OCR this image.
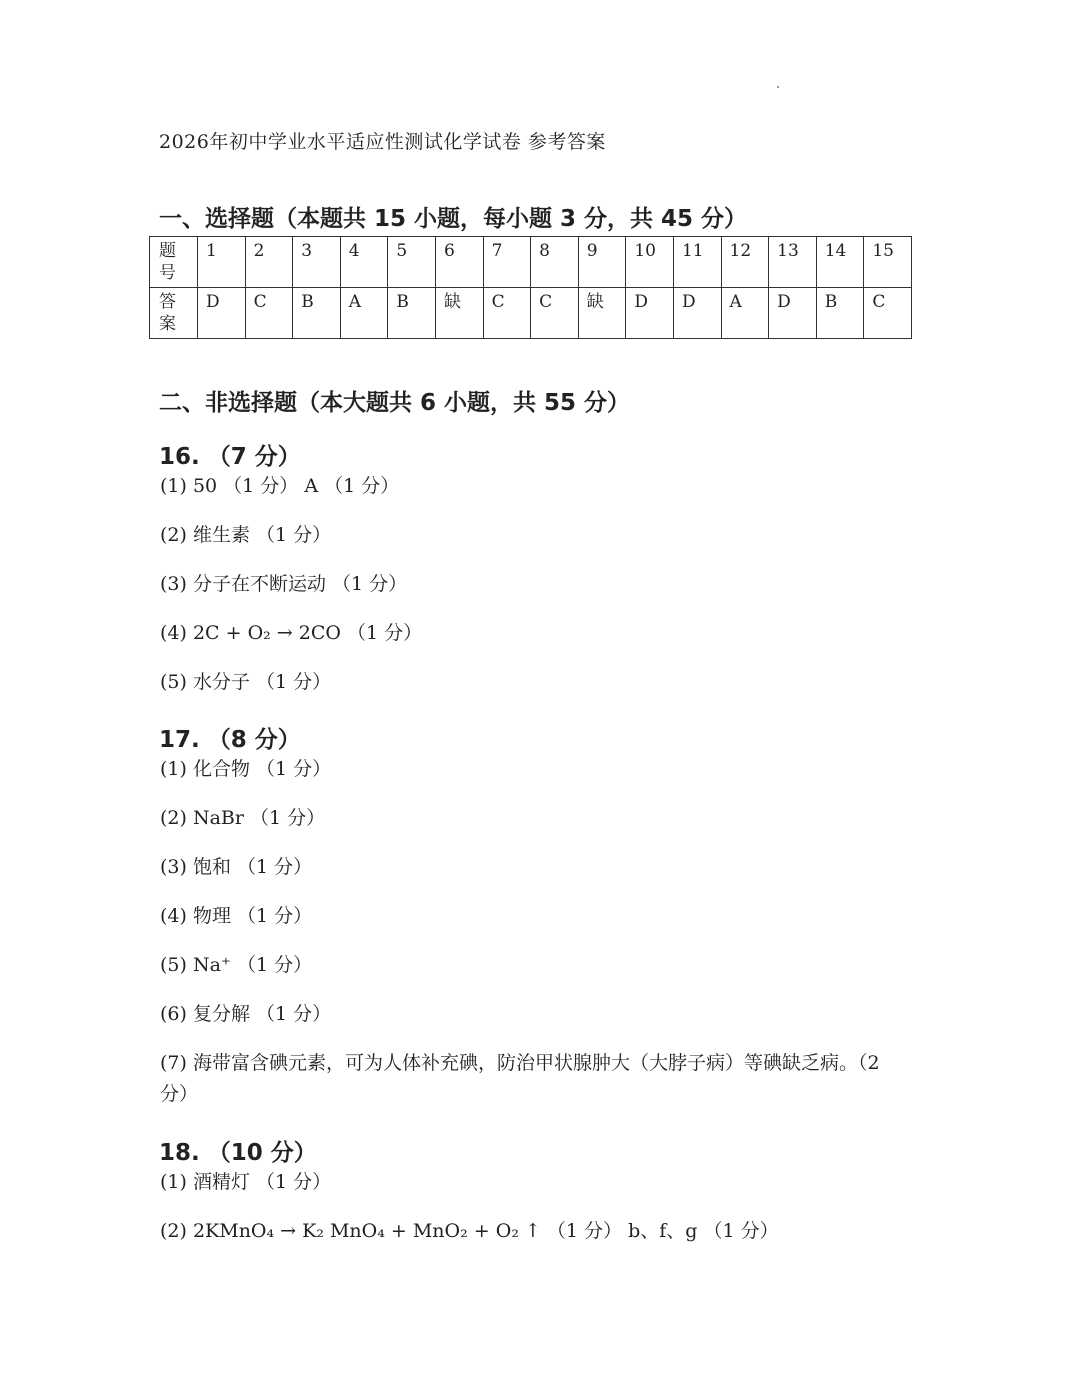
2026年初中学业水平适应性测试化学试卷 参考答案
一、选择题（本题共 15 小题，每小题 3 分，共 45 分）
题号	1	2	3	4	5	6	7	8	9	10	11	12	13	14	15

答案	D	C	B	A	B	缺	C	C	缺	D	D	A	D	B	C
二、非选择题（本大题共 6 小题，共 55 分）
16. （7 分）
(1) 50 （1 分） A （1 分）
(2) 维生素 （1 分）
(3) 分子在不断运动 （1 分）
(4) 2C + O₂ → 2CO （1 分）
(5) 水分子 （1 分）
17. （8 分）
(1) 化合物 （1 分）
(2) NaBr （1 分）
(3) 饱和 （1 分）
(4) 物理 （1 分）
(5) Na⁺ （1 分）
(6) 复分解 （1 分）
(7) 海带富含碘元素，可为人体补充碘，防治甲状腺肿大（大脖子病）等碘缺乏病。（2 分）
18. （10 分）
(1) 酒精灯 （1 分）
(2) 2KMnO₄ → K₂ MnO₄ + MnO₂ + O₂ ↑ （1 分） b、f、g （1 分）
